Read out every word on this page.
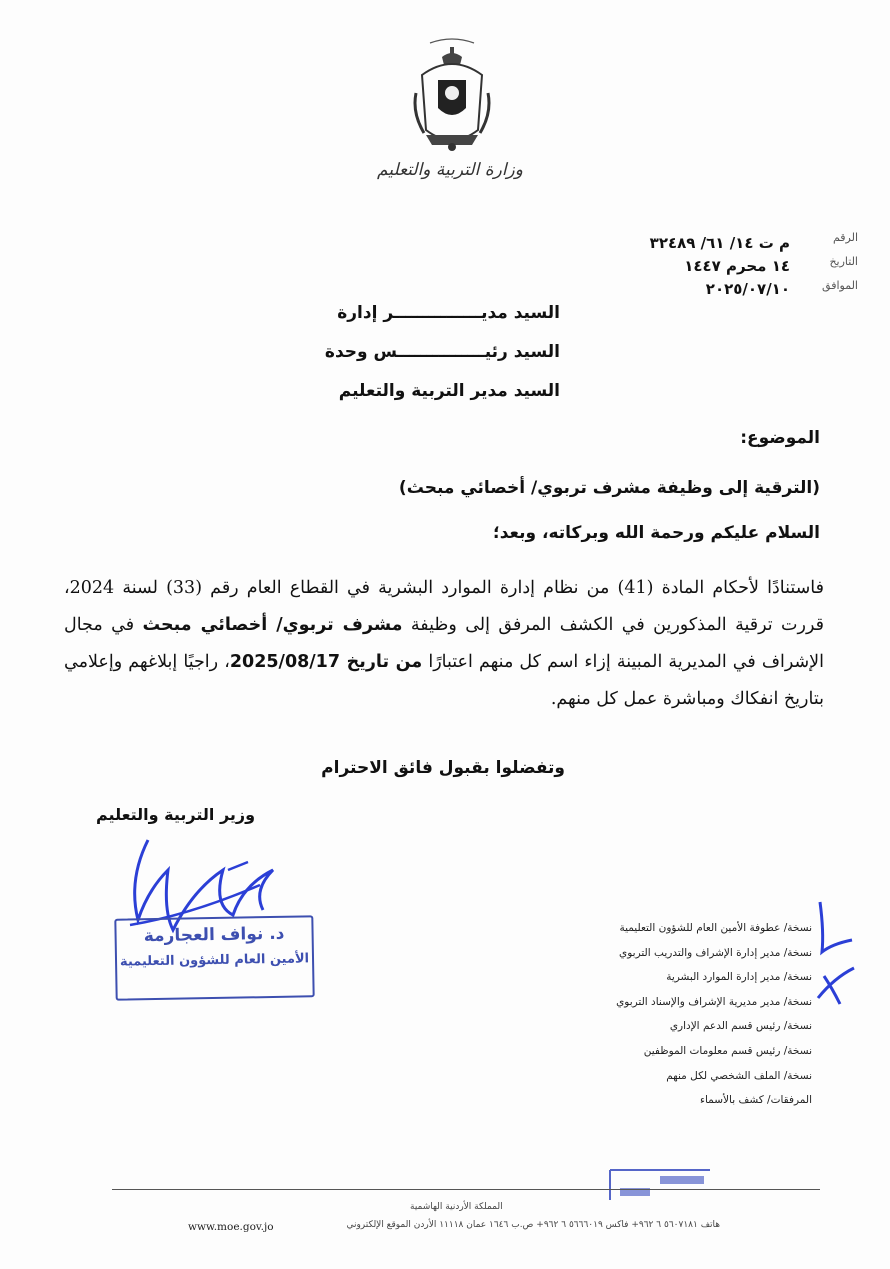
وزارة التربية والتعليم
الرقم
التاريخ
الموافق
م ت ١٤/ ٦١/ ٣٢٤٨٩
١٤ محرم ١٤٤٧
٢٠٢٥/٠٧/١٠
السيد مديـــــــــــــــر إدارة
السيد رئيـــــــــــــــس وحدة
السيد مدير التربية والتعليم
الموضوع:
(الترقية إلى وظيفة مشرف تربوي/ أخصائي مبحث)
السلام عليكم ورحمة الله وبركاته، وبعد؛
فاستنادًا لأحكام المادة (41) من نظام إدارة الموارد البشرية في القطاع العام رقم (33) لسنة 2024، قررت ترقية المذكورين في الكشف المرفق إلى وظيفة مشرف تربوي/ أخصائي مبحث في مجال الإشراف في المديرية المبينة إزاء اسم كل منهم اعتبارًا من تاريخ 2025/08/17، راجيًا إبلاغهم وإعلامي بتاريخ انفكاك ومباشرة عمل كل منهم.
وتفضلوا بقبول فائق الاحترام
وزير التربية والتعليم
د. نواف العجارمة
الأمين العام للشؤون التعليمية
نسخة/ عطوفة الأمين العام للشؤون التعليمية
نسخة/ مدير إدارة الإشراف والتدريب التربوي
نسخة/ مدير إدارة الموارد البشرية
نسخة/ مدير مديرية الإشراف والإسناد التربوي
نسخة/ رئيس قسم الدعم الإداري
نسخة/ رئيس قسم معلومات الموظفين
نسخة/ الملف الشخصي لكل منهم
المرفقات/ كشف بالأسماء
المملكة الأردنية الهاشمية
هاتف ٥٦٠٧١٨١ ٦ ٩٦٢+ فاكس ٥٦٦٦٠١٩ ٦ ٩٦٢+ ص.ب ١٦٤٦ عمان ١١١١٨ الأردن الموقع الإلكتروني
www.moe.gov.jo
